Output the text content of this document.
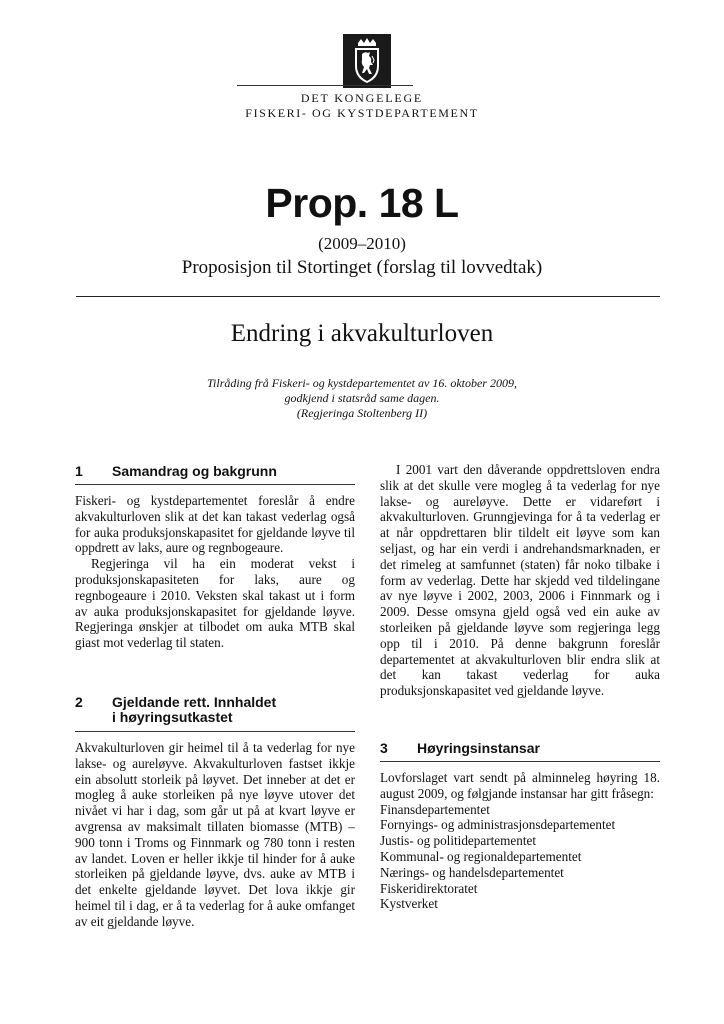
DET KONGELEGE
FISKERI- OG KYSTDEPARTEMENT
Prop. 18 L
(2009–2010)
Proposisjon til Stortinget (forslag til lovvedtak)
Endring i akvakulturloven
Tilråding frå Fiskeri- og kystdepartementet av 16. oktober 2009,
godkjend i statsråd same dagen.
(Regjeringa Stoltenberg II)
1 Samandrag og bakgrunn

Fiskeri- og kystdepartementet foreslår å endre akvakulturloven slik at det kan takast vederlag også for auka produksjonskapasitet for gjeldande løyve til oppdrett av laks, aure og regnbogeaure.

Regjeringa vil ha ein moderat vekst i produksjonskapasiteten for laks, aure og regnbogeaure i 2010. Veksten skal takast ut i form av auka produksjonskapasitet for gjeldande løyve. Regjeringa ønskjer at tilbodet om auka MTB skal giast mot vederlag til staten.

2 Gjeldande rett. Innhaldet
i høyringsutkastet

Akvakulturloven gir heimel til å ta vederlag for nye lakse- og aureløyve. Akvakulturloven fastset ikkje ein absolutt storleik på løyvet. Det inneber at det er mogleg å auke storleiken på nye løyve utover det nivået vi har i dag, som går ut på at kvart løyve er avgrensa av maksimalt tillaten biomasse (MTB) – 900 tonn i Troms og Finnmark og 780 tonn i resten av landet. Loven er heller ikkje til hinder for å auke storleiken på gjeldande løyve, dvs. auke av MTB i det enkelte gjeldande løyvet. Det lova ikkje gir heimel til i dag, er å ta vederlag for å auke omfanget av eit gjeldande løyve.

I 2001 vart den dåverande oppdrettsloven endra slik at det skulle vere mogleg å ta vederlag for nye lakse- og aureløyve. Dette er vidareført i akvakulturloven. Grunngjevinga for å ta vederlag er at når oppdrettaren blir tildelt eit løyve som kan seljast, og har ein verdi i andrehandsmarknaden, er det rimeleg at samfunnet (staten) får noko tilbake i form av vederlag. Dette har skjedd ved tildelingane av nye løyve i 2002, 2003, 2006 i Finnmark og i 2009. Desse omsyna gjeld også ved ein auke av storleiken på gjeldande løyve som regjeringa legg opp til i 2010. På denne bakgrunn foreslår departementet at akvakulturloven blir endra slik at det kan takast vederlag for auka produksjonskapasitet ved gjeldande løyve.

3 Høyringsinstansar

Lovforslaget vart sendt på alminneleg høyring 18. august 2009, og følgjande instansar har gitt fråsegn:

Finansdepartementet

Fornyings- og administrasjonsdepartementet

Justis- og politidepartementet

Kommunal- og regionaldepartementet

Nærings- og handelsdepartementet

Fiskeridirektoratet

Kystverket
